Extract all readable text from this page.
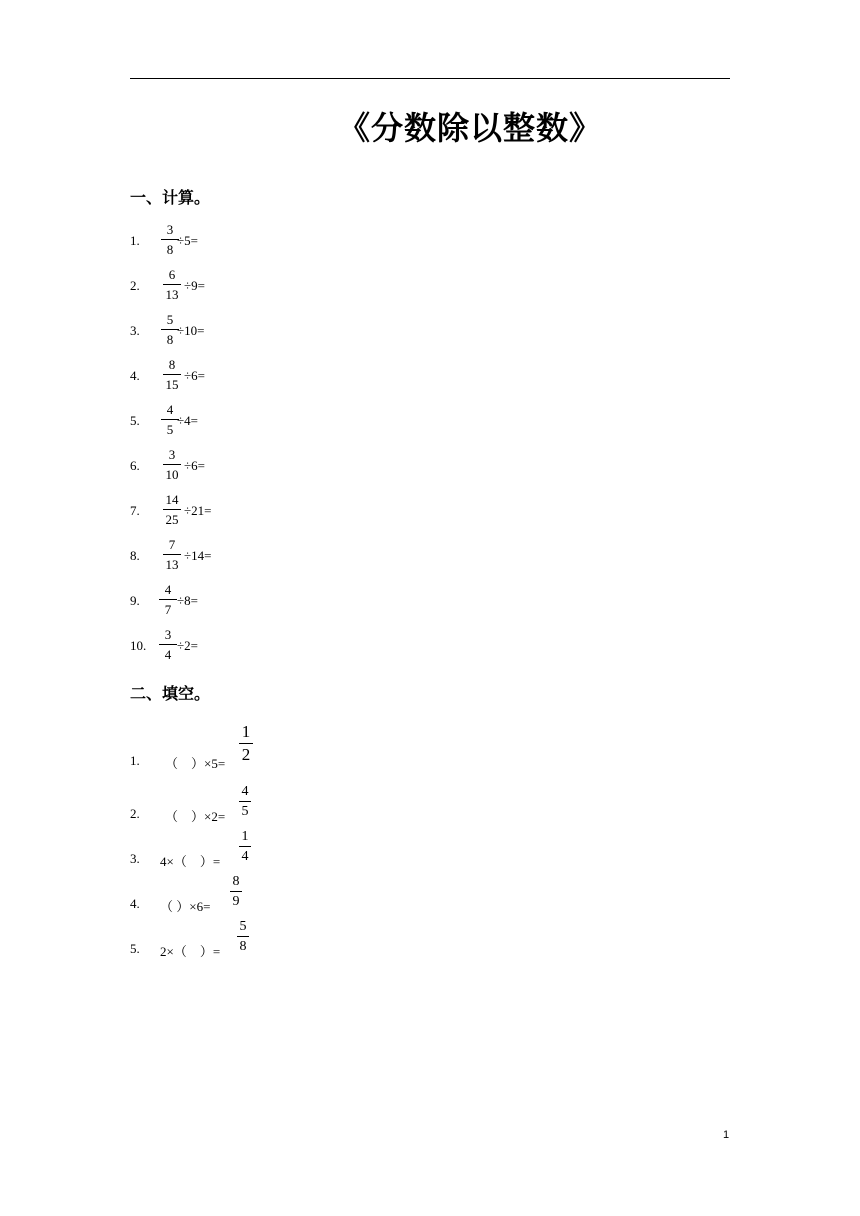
《分数除以整数》
一、计算。
1.
3
8
÷5=
2.
6
13
÷9=
3.
5
8
÷10=
4.
8
15
÷6=
5.
4
5
÷4=
6.
3
10
÷6=
7.
14
25
÷21=
8.
7
13
÷14=
9.
4
7
÷8=
10.
3
4
÷2=
二、填空。
1. （　）×5=
1
2
2. （　）×2=
4
5
3. 4×（　）=
1
4
4. （ ）×6=
8
9
5. 2×（　）=
5
8
1
